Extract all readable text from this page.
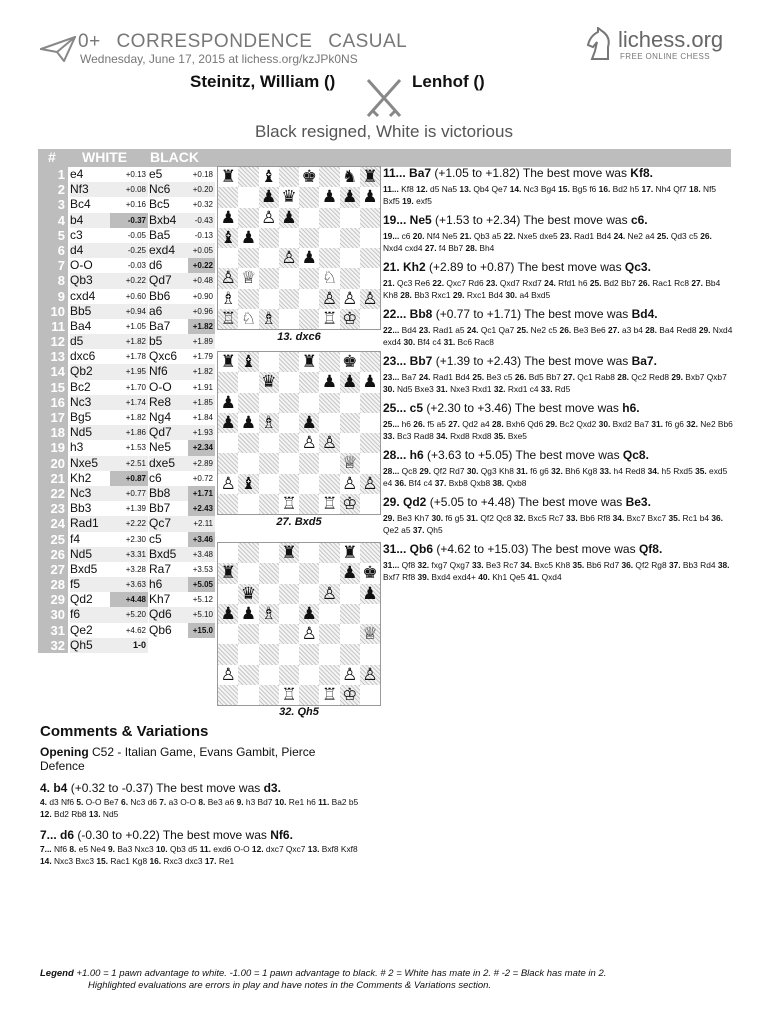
0+ CORRESPONDENCE CASUAL
Wednesday, June 17, 2015 at lichess.org/kzJPk0NS
lichess.org
FREE ONLINE CHESS
Steinitz, William ()	Lenhof ()
Black resigned, White is victorious
# WHITE BLACK
1 e4	+0.13 e5	+0.18
2 Nf3	+0.08 Nc6	+0.20
3 Bc4	+0.16 Bc5	+0.32
4 b4	-0.37 Bxb4	-0.43
5 c3	-0.05 Ba5	-0.13
6 d4	-0.25 exd4	+0.05
7 O-O	-0.03 d6	+0.22
8 Qb3	+0.22 Qd7	+0.48
9 cxd4	+0.60 Bb6	+0.90
10 Bb5	+0.94 a6	+0.96
11 Ba4	+1.05 Ba7	+1.82
12 d5	+1.82 b5	+1.89
13 dxc6	+1.78 Qxc6	+1.79
14 Qb2	+1.95 Nf6	+1.82
15 Bc2	+1.70 O-O	+1.91
16 Nc3	+1.74 Re8	+1.85
17 Bg5	+1.82 Ng4	+1.84
18 Nd5	+1.86 Qd7	+1.93
19 h3	+1.53 Ne5	+2.34
20 Nxe5	+2.51 dxe5	+2.89
21 Kh2	+0.87 c6	+0.72
22 Nc3	+0.77 Bb8	+1.71
23 Bb3	+1.39 Bb7	+2.43
24 Rad1	+2.22 Qc7	+2.11
25 f4	+2.30 c5	+3.46
26 Nd5	+3.31 Bxd5	+3.48
27 Bxd5	+3.28 Ra7	+3.53
28 f5	+3.63 h6	+5.05
29 Qd2	+4.48 Kh7	+5.12
30 f6	+5.20 Qd6	+5.10
31 Qe2	+4.62 Qb6	+15.0
32 Qh5	1-0
♜ ♝ ♚ ♞ ♜
♟ ♛ ♟ ♟ ♟
♟ ♙ ♟
♝ ♟
♙ ♟
♙ ♕	♘
♗	♙ ♙ ♙
♖ ♘ ♗	♖ ♔
13. dxc6
♜ ♝	♜ ♚
♛	♟ ♟ ♟
♟
♟ ♟ ♗ ♟
♙ ♙
♕
♙ ♝	♙ ♙
♖ ♖ ♔
27. Bxd5
♜	♜
♜	♟ ♚
♛	♙ ♟
♟ ♟ ♗ ♟
♙	♕
♙	♙ ♙
♖ ♖ ♔
32. Qh5
11... Ba7 (+1.05 to +1.82) The best move was Kf8.

11... Kf8 12. d5 Na5 13. Qb4 Qe7 14. Nc3 Bg4 15. Bg5 f6 16. Bd2 h5 17. Nh4 Qf7 18. Nf5 Bxf5 19. exf5

19... Ne5 (+1.53 to +2.34) The best move was c6.

19... c6 20. Nf4 Ne5 21. Qb3 a5 22. Nxe5 dxe5 23. Rad1 Bd4 24. Ne2 a4 25. Qd3 c5 26. Nxd4 cxd4 27. f4 Bb7 28. Bh4

21. Kh2 (+2.89 to +0.87) The best move was Qc3.

21. Qc3 Re6 22. Qxc7 Rd6 23. Qxd7 Rxd7 24. Rfd1 h6 25. Bd2 Bb7 26. Rac1 Rc8 27. Bb4 Kh8 28. Bb3 Rxc1 29. Rxc1 Bd4 30. a4 Bxd5

22... Bb8 (+0.77 to +1.71) The best move was Bd4.

22... Bd4 23. Rad1 a5 24. Qc1 Qa7 25. Ne2 c5 26. Be3 Be6 27. a3 b4 28. Ba4 Red8 29. Nxd4 exd4 30. Bf4 c4 31. Bc6 Rac8

23... Bb7 (+1.39 to +2.43) The best move was Ba7.

23... Ba7 24. Rad1 Bd4 25. Be3 c5 26. Bd5 Bb7 27. Qc1 Rab8 28. Qc2 Red8 29. Bxb7 Qxb7 30. Nd5 Bxe3 31. Nxe3 Rxd1 32. Rxd1 c4 33. Rd5

25... c5 (+2.30 to +3.46) The best move was h6.

25... h6 26. f5 a5 27. Qd2 a4 28. Bxh6 Qd6 29. Bc2 Qxd2 30. Bxd2 Ba7 31. f6 g6 32. Ne2 Bb6 33. Bc3 Rad8 34. Rxd8 Rxd8 35. Bxe5

28... h6 (+3.63 to +5.05) The best move was Qc8.

28... Qc8 29. Qf2 Rd7 30. Qg3 Kh8 31. f6 g6 32. Bh6 Kg8 33. h4 Red8 34. h5 Rxd5 35. exd5 e4 36. Bf4 c4 37. Bxb8 Qxb8 38. Qxb8

29. Qd2 (+5.05 to +4.48) The best move was Be3.

29. Be3 Kh7 30. f6 g5 31. Qf2 Qc8 32. Bxc5 Rc7 33. Bb6 Rf8 34. Bxc7 Bxc7 35. Rc1 b4 36. Qe2 a5 37. Qh5

31... Qb6 (+4.62 to +15.03) The best move was Qf8.

31... Qf8 32. fxg7 Qxg7 33. Be3 Rc7 34. Bxc5 Kh8 35. Bb6 Rd7 36. Qf2 Rg8 37. Bb3 Rd4 38. Bxf7 Rf8 39. Bxd4 exd4+ 40. Kh1 Qe5 41. Qxd4

Comments & Variations
Opening C52 - Italian Game, Evans Gambit, Pierce Defence
4. b4 (+0.32 to -0.37) The best move was d3.

4. d3 Nf6 5. O-O Be7 6. Nc3 d6 7. a3 O-O 8. Be3 a6 9. h3 Bd7 10. Re1 h6 11. Ba2 b5 12. Bd2 Rb8 13. Nd5

7... d6 (-0.30 to +0.22) The best move was Nf6.

7... Nf6 8. e5 Ne4 9. Ba3 Nxc3 10. Qb3 d5 11. exd6 O-O 12. dxc7 Qxc7 13. Bxf8 Kxf8 14. Nxc3 Bxc3 15. Rac1 Kg8 16. Rxc3 dxc3 17. Re1

Legend +1.00 = 1 pawn advantage to white. -1.00 = 1 pawn advantage to black. # 2 = White has mate in 2. # -2 = Black has mate in 2.
Highlighted evaluations are errors in play and have notes in the Comments & Variations section.
